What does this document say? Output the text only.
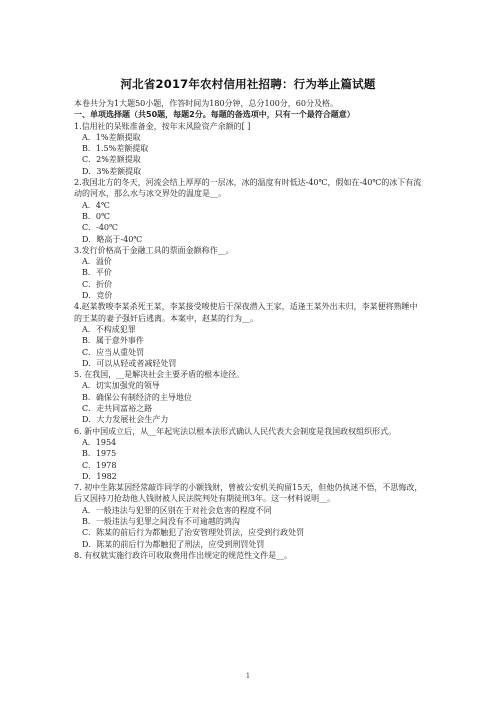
河北省2017年农村信用社招聘：行为举止篇试题

本卷共分为1大题50小题，作答时间为180分钟，总分100分，60分及格。

一、单项选择题（共50题，每题2分。每题的备选项中，只有一个最符合题意）

1.信用社的呆账准备金，按年末风险资产余额的[ ]

A．1%差额提取

B．1.5%差额提取

C．2%差额提取

D．3%差额提取

2.我国北方的冬天，河流会结上厚厚的一层冰，冰的温度有时低达-40℃，假如在-40℃的冰下有流动的河水，那么水与冰交界处的温度是__。

A．4℃

B．0℃

C．-40℃

D．略高于-40℃

3.发行价格高于金融工具的票面金额称作__。

A．溢价

B．平价

C．折价

D．竞价

4.赵某教唆李某杀死王某，李某接受唆使后于深夜潜入王家，适逢王某外出未归，李某便将熟睡中的王某的妻子强奸后逃离。本案中，赵某的行为__。

A．不构成犯罪

B．属于意外事件

C．应当从重处罚

D．可以从轻或者减轻处罚

5. 在我国，__是解决社会主要矛盾的根本途径。

A．切实加强党的领导

B．确保公有制经济的主导地位

C．走共同富裕之路

D．大力发展社会生产力

6. 新中国成立后，从__年起宪法以根本法形式确认人民代表大会制度是我国政权组织形式。

A．1954

B．1975

C．1978

D．1982

7. 初中生陈某因经常敲诈同学的小额钱财，曾被公安机关拘留15天，但他仍执迷不悟，不思悔改，后又因持刀抢劫他人钱财被人民法院判处有期徒刑3年。这一材料说明__。

A．一般违法与犯罪的区别在于对社会危害的程度不同

B．一般违法与犯罪之间没有不可逾越的鸿沟

C．陈某的前后行为都触犯了治安管理处罚法，应受到行政处罚

D．陈某的前后行为都触犯了刑法，应受到刑罚处罚

8. 有权就实施行政许可收取费用作出规定的规范性文件是__。

1
